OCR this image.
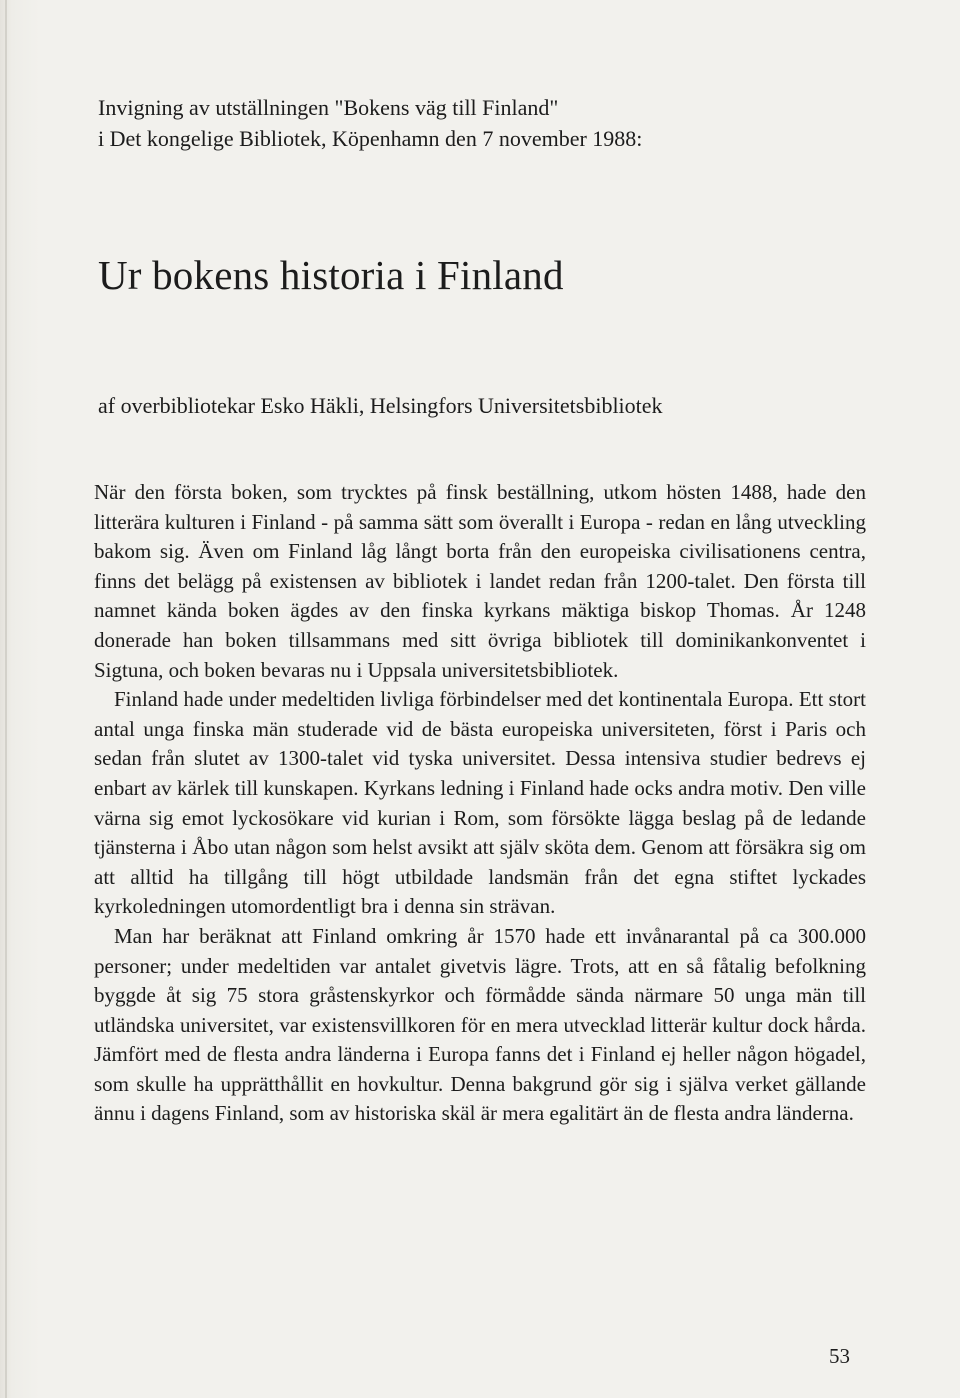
Invigning av utställningen "Bokens väg till Finland"
i Det kongelige Bibliotek, Köpenhamn den 7 november 1988:
Ur bokens historia i Finland
af overbibliotekar Esko Häkli, Helsingfors Universitetsbibliotek

När den första boken, som trycktes på finsk beställning, utkom hösten 1488, hade den litterära kulturen i Finland - på samma sätt som överallt i Europa - redan en lång utveckling bakom sig. Även om Finland låg långt borta från den europeiska civilisationens centra, finns det belägg på existensen av bibliotek i landet redan från 1200-talet. Den första till namnet kända boken ägdes av den finska kyrkans mäktiga biskop Thomas. År 1248 donerade han boken tillsammans med sitt övriga bibliotek till dominikankonventet i Sigtuna, och boken bevaras nu i Uppsala universitetsbibliotek.

Finland hade under medeltiden livliga förbindelser med det kontinentala Europa. Ett stort antal unga finska män studerade vid de bästa europeiska universiteten, först i Paris och sedan från slutet av 1300-talet vid tyska universitet. Dessa intensiva studier bedrevs ej enbart av kärlek till kunskapen. Kyrkans ledning i Finland hade ocks andra motiv. Den ville värna sig emot lyckosökare vid kurian i Rom, som försökte lägga beslag på de ledande tjänsterna i Åbo utan någon som helst avsikt att själv sköta dem. Genom att försäkra sig om att alltid ha tillgång till högt utbildade landsmän från det egna stiftet lyckades kyrkoledningen utomordentligt bra i denna sin strävan.

Man har beräknat att Finland omkring år 1570 hade ett invånarantal på ca 300.000 personer; under medeltiden var antalet givetvis lägre. Trots, att en så fåtalig befolkning byggde åt sig 75 stora gråstenskyrkor och förmådde sända närmare 50 unga män till utländska universitet, var existensvillkoren för en mera utvecklad litterär kultur dock hårda. Jämfört med de flesta andra länderna i Europa fanns det i Finland ej heller någon högadel, som skulle ha upprätthållit en hovkultur. Denna bakgrund gör sig i själva verket gällande ännu i dagens Finland, som av historiska skäl är mera egalitärt än de flesta andra länderna.

53
